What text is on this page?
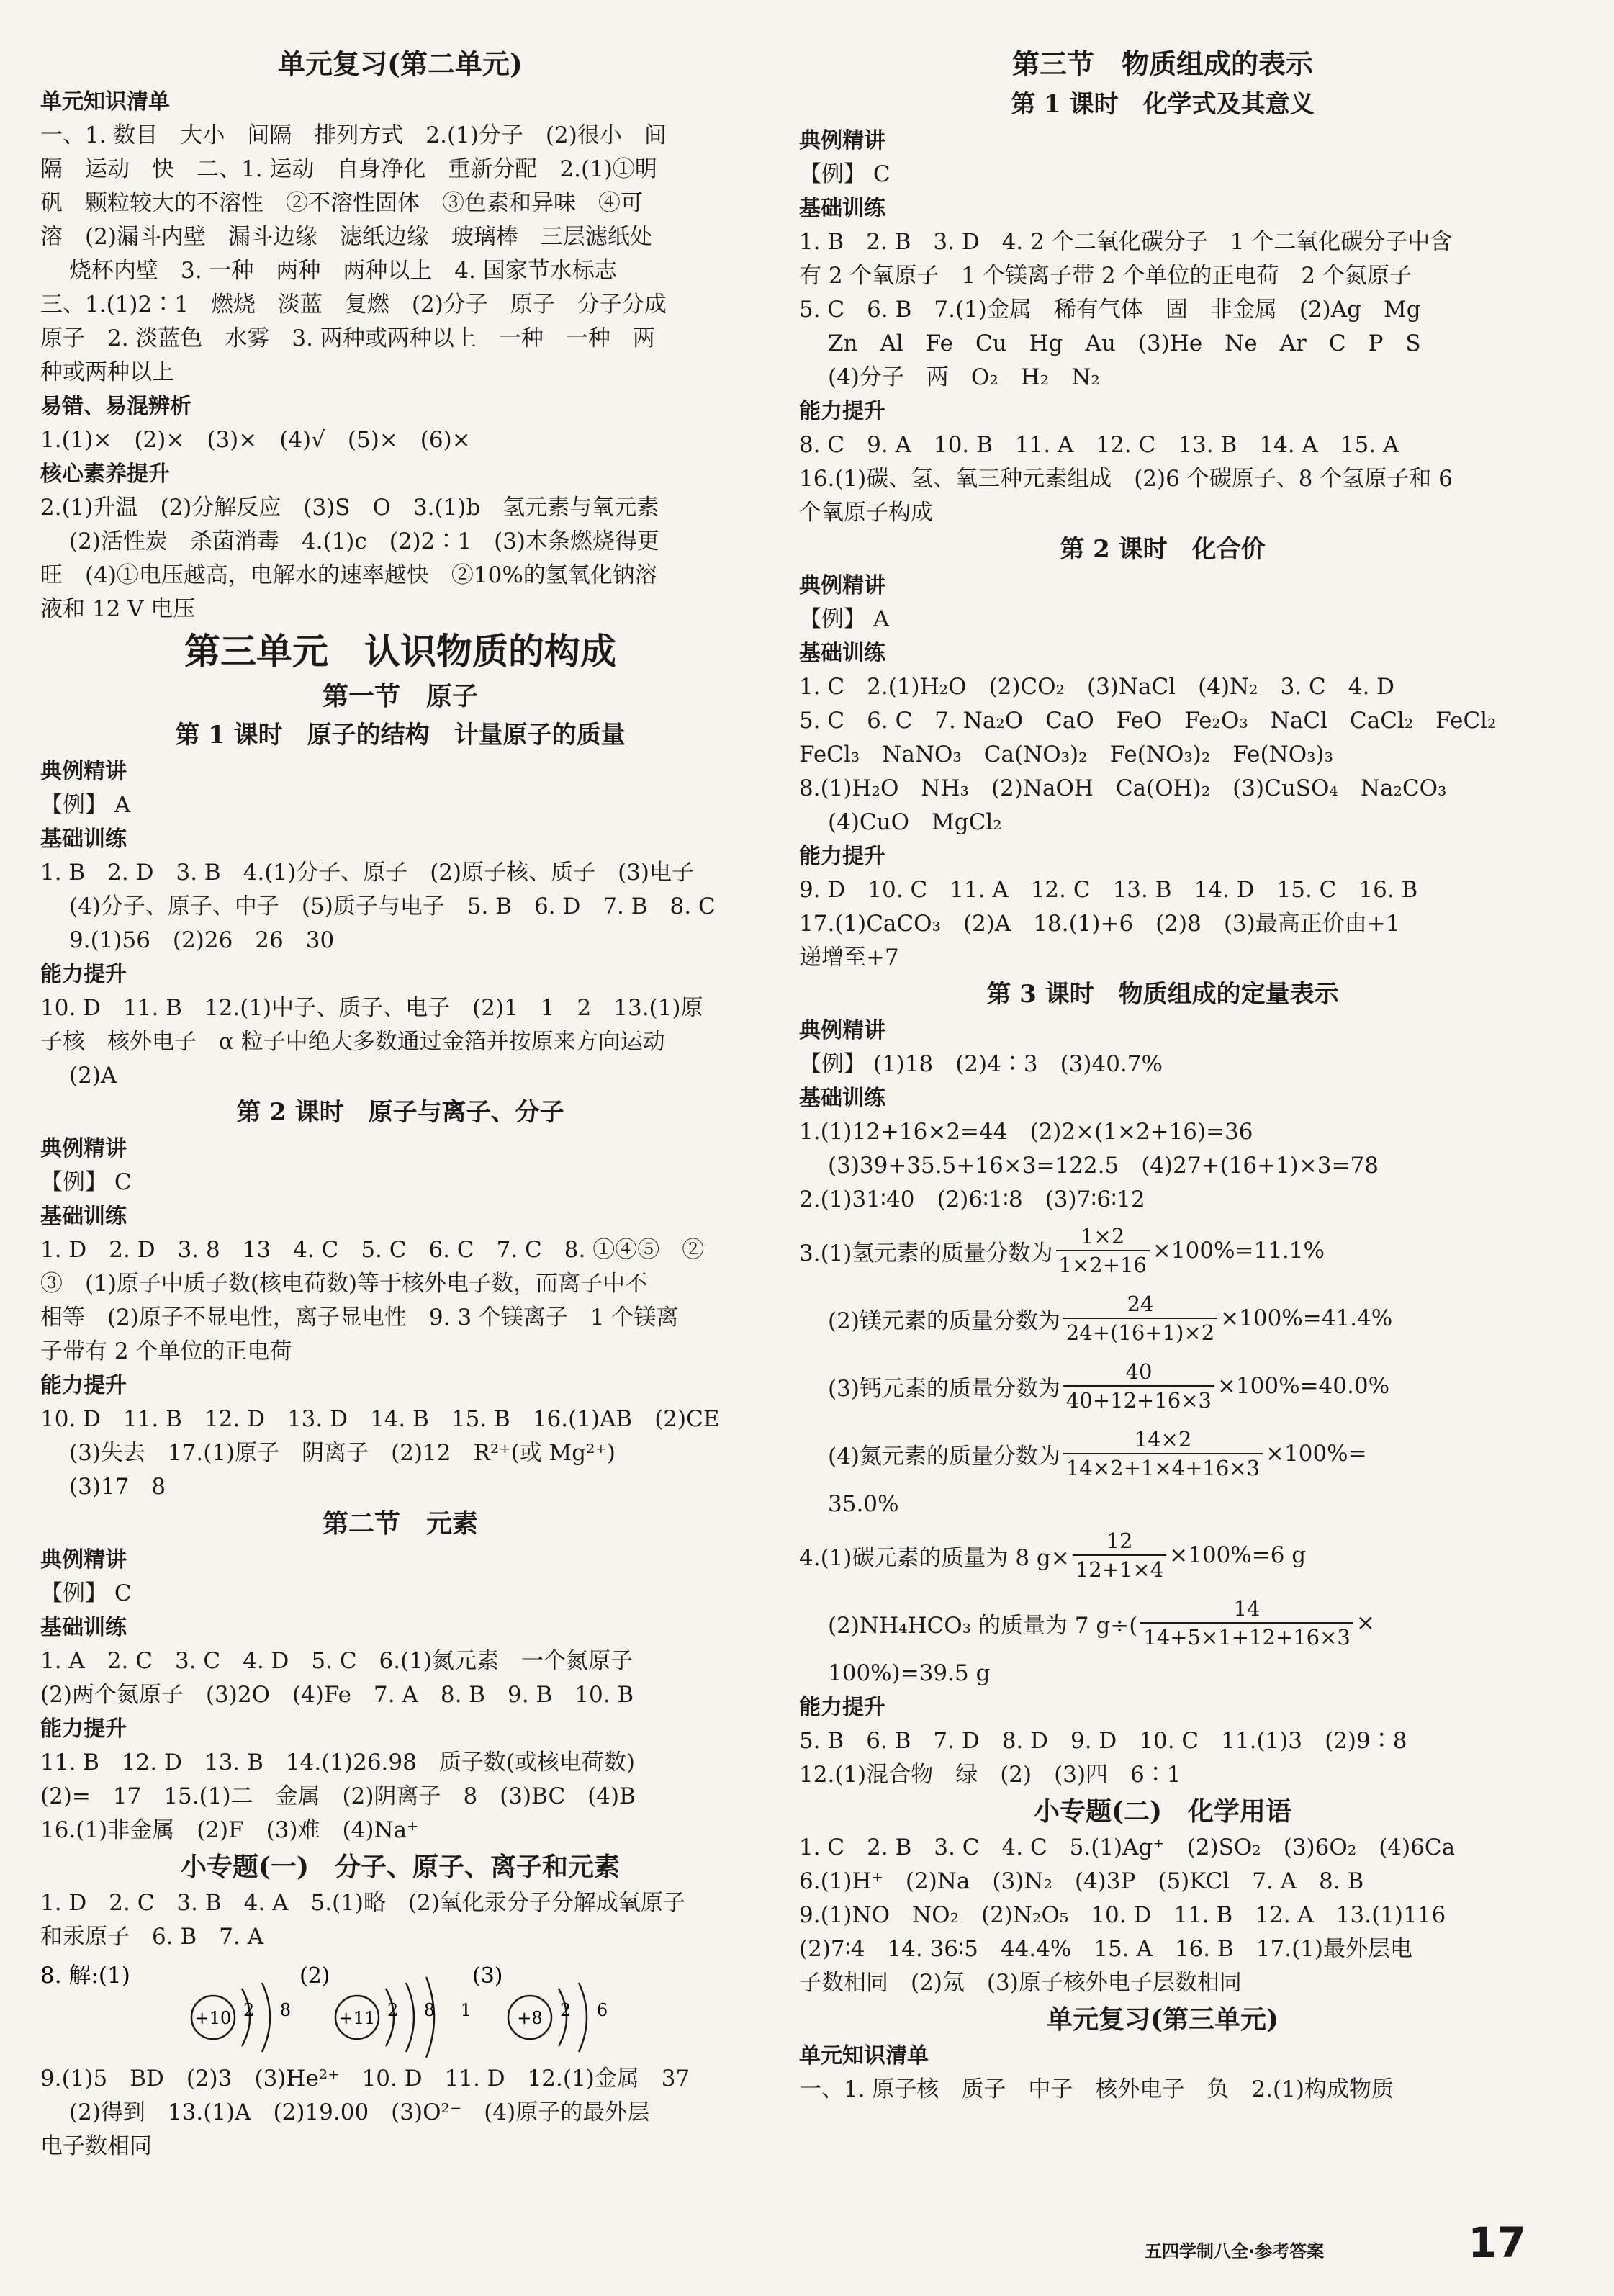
单元复习(第二单元)
单元知识清单
一、1. 数目　大小　间隔　排列方式　2.(1)分子　(2)很小　间
隔　运动　快　二、1. 运动　自身净化　重新分配　2.(1)①明
矾　颗粒较大的不溶性　②不溶性固体　③色素和异味　④可
溶　(2)漏斗内壁　漏斗边缘　滤纸边缘　玻璃棒　三层滤纸处
烧杯内壁　3. 一种　两种　两种以上　4. 国家节水标志
三、1.(1)2∶1　燃烧　淡蓝　复燃　(2)分子　原子　分子分成
原子　2. 淡蓝色　水雾　3. 两种或两种以上　一种　一种　两
种或两种以上
易错、易混辨析
1.(1)×　(2)×　(3)×　(4)√　(5)×　(6)×
核心素养提升
2.(1)升温　(2)分解反应　(3)S　O　3.(1)b　氢元素与氧元素
(2)活性炭　杀菌消毒　4.(1)c　(2)2∶1　(3)木条燃烧得更
旺　(4)①电压越高，电解水的速率越快　②10%的氢氧化钠溶
液和 12 V 电压
第三单元　认识物质的构成
第一节　原子
第 1 课时　原子的结构　计量原子的质量
典例精讲
【例】 A
基础训练
1. B　2. D　3. B　4.(1)分子、原子　(2)原子核、质子　(3)电子
(4)分子、原子、中子　(5)质子与电子　5. B　6. D　7. B　8. C
9.(1)56　(2)26　26　30
能力提升
10. D　11. B　12.(1)中子、质子、电子　(2)1　1　2　13.(1)原
子核　核外电子　α 粒子中绝大多数通过金箔并按原来方向运动
(2)A
第 2 课时　原子与离子、分子
典例精讲
【例】 C
基础训练
1. D　2. D　3. 8　13　4. C　5. C　6. C　7. C　8. ①④⑤　②
③　(1)原子中质子数(核电荷数)等于核外电子数，而离子中不
相等　(2)原子不显电性，离子显电性　9. 3 个镁离子　1 个镁离
子带有 2 个单位的正电荷
能力提升
10. D　11. B　12. D　13. D　14. B　15. B　16.(1)AB　(2)CE
(3)失去　17.(1)原子　阴离子　(2)12　R²⁺(或 Mg²⁺)
(3)17　8
第二节　元素
典例精讲
【例】 C
基础训练
1. A　2. C　3. C　4. D　5. C　6.(1)氮元素　一个氮原子
(2)两个氮原子　(3)2O　(4)Fe　7. A　8. B　9. B　10. B
能力提升
11. B　12. D　13. B　14.(1)26.98　质子数(或核电荷数)
(2)=　17　15.(1)二　金属　(2)阴离子　8　(3)BC　(4)B
16.(1)非金属　(2)F　(3)难　(4)Na⁺
小专题(一)　分子、原子、离子和元素
1. D　2. C　3. B　4. A　5.(1)略　(2)氧化汞分子分解成氧原子
和汞原子　6. B　7. A
8. 解:(1)
+10 2 8
(2)
+11 2 8 1
(3)
+8 2 6
9.(1)5　BD　(2)3　(3)He²⁺　10. D　11. D　12.(1)金属　37
(2)得到　13.(1)A　(2)19.00　(3)O²⁻　(4)原子的最外层
电子数相同
第三节　物质组成的表示
第 1 课时　化学式及其意义
典例精讲
【例】 C
基础训练
1. B　2. B　3. D　4. 2 个二氧化碳分子　1 个二氧化碳分子中含
有 2 个氧原子　1 个镁离子带 2 个单位的正电荷　2 个氮原子
5. C　6. B　7.(1)金属　稀有气体　固　非金属　(2)Ag　Mg
Zn　Al　Fe　Cu　Hg　Au　(3)He　Ne　Ar　C　P　S
(4)分子　两　O₂　H₂　N₂
能力提升
8. C　9. A　10. B　11. A　12. C　13. B　14. A　15. A
16.(1)碳、氢、氧三种元素组成　(2)6 个碳原子、8 个氢原子和 6
个氧原子构成
第 2 课时　化合价
典例精讲
【例】 A
基础训练
1. C　2.(1)H₂O　(2)CO₂　(3)NaCl　(4)N₂　3. C　4. D
5. C　6. C　7. Na₂O　CaO　FeO　Fe₂O₃　NaCl　CaCl₂　FeCl₂
FeCl₃　NaNO₃　Ca(NO₃)₂　Fe(NO₃)₂　Fe(NO₃)₃
8.(1)H₂O　NH₃　(2)NaOH　Ca(OH)₂　(3)CuSO₄　Na₂CO₃
(4)CuO　MgCl₂
能力提升
9. D　10. C　11. A　12. C　13. B　14. D　15. C　16. B
17.(1)CaCO₃　(2)A　18.(1)+6　(2)8　(3)最高正价由+1
递增至+7
第 3 课时　物质组成的定量表示
典例精讲
【例】 (1)18　(2)4∶3　(3)40.7%
基础训练
1.(1)12+16×2=44　(2)2×(1×2+16)=36
(3)39+35.5+16×3=122.5　(4)27+(16+1)×3=78
2.(1)31∶40　(2)6∶1∶8　(3)7∶6∶12
3.(1)氢元素的质量分数为 $\frac{1\times 2}{1\times 2+16} \times 100\%=11.1\%$
(2)镁元素的质量分数为 $\frac{24}{24+(16+1)\times 2} \times 100\%=41.4\%$
(3)钙元素的质量分数为 $\frac{40}{40+12+16\times 3} \times 100\%=40.0\%$
(4)氮元素的质量分数为 $\frac{14\times 2}{14\times 2+1\times 4+16\times 3} \times 100\%=$
35.0%
4.(1)碳元素的质量为 8 $g\times \frac{12}{12+1\times 4} \times 100\%=6$ g
(2)NH₄HCO₃ 的质量为 7 $g\div( \frac{14}{14+5\times 1+12+16\times 3}$ ×
100%)=39.5 g
能力提升
5. B　6. B　7. D　8. D　9. D　10. C　11.(1)3　(2)9∶8
12.(1)混合物　绿　(2)　(3)四　6∶1
小专题(二)　化学用语
1. C　2. B　3. C　4. C　5.(1)Ag⁺　(2)SO₂　(3)6O₂　(4)6Ca
6.(1)H⁺　(2)Na　(3)N₂　(4)3P　(5)KCl　7. A　8. B
9.(1)NO　NO₂　(2)N₂O₅　10. D　11. B　12. A　13.(1)116
(2)7∶4　14. 36∶5　44.4%　15. A　16. B　17.(1)最外层电
子数相同　(2)氖　(3)原子核外电子层数相同
单元复习(第三单元)
单元知识清单
一、1. 原子核　质子　中子　核外电子　负　2.(1)构成物质
五四学制八全·参考答案	17
